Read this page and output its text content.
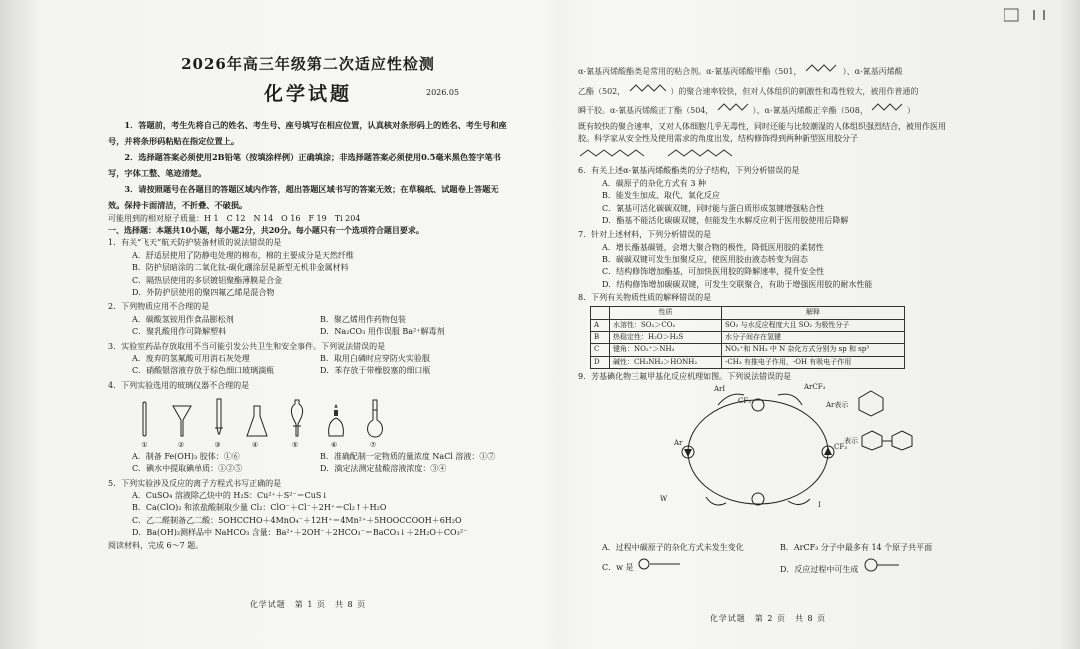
2026年高三年级第二次适应性检测
化学试题	2026.05

1．答题前，考生先将自己的姓名、考生号、座号填写在相应位置，认真核对条形码上的姓名、考生号和座号，并将条形码粘贴在指定位置上。

2．选择题答案必须使用2B铅笔（按填涂样例）正确填涂；非选择题答案必须使用0.5毫米黑色签字笔书写，字体工整、笔迹清楚。

3．请按照题号在各题目的答题区域内作答，超出答题区域书写的答案无效；在草稿纸、试题卷上答题无效。保持卡面清洁，不折叠、不破损。

可能用到的相对原子质量：H 1　C 12　N 14　O 16　F 19　Ti 204

一、选择题：本题共10小题，每小题2分，共20分。每小题只有一个选项符合题目要求。

1．有关“飞天”航天防护装备材质的说法错误的是

A．舒适层使用了防静电处理的棉布，棉的主要成分是天然纤维

B．防护层暗涂的二氧化钛-碳化硼涂层是新型无机非金属材料

C．隔热层使用的多层镀铝聚酯薄膜是合金

D．外防护层使用的聚四氟乙烯是混合物

2．下列物质应用不合理的是

A．碳酸氢铵用作食品膨松剂	B．聚乙烯用作药物包装
C．聚乳酸用作可降解塑料	D．Na₂CO₃ 用作误服 Ba²⁺解毒剂

3．实验室药品存放取用不当可能引发公共卫生和安全事件。下列说法错误的是

A．废弃的氢氟酸可用消石灰处理	B．取用白磷时应穿防火实验服
C．硝酸银溶液存放于棕色细口玻璃滴瓶	D．苯存放于带橡胶塞的细口瓶

4．下列实验选用的玻璃仪器不合理的是

①	②	③	④	⑤	⑥	⑦
A．制备 Fe(OH)₃ 胶体：①⑥	B．准确配制一定物质的量浓度 NaCl 溶液：①⑦
C．碘水中提取碘单质：①②⑤	D．滴定法测定盐酸溶液浓度：③④

5．下列实验涉及反应的离子方程式书写正确的是

A．CuSO₄ 溶液除乙炔中的 H₂S：Cu²⁺＋S²⁻＝CuS↓

B．Ca(ClO)₂ 和浓盐酸制取少量 Cl₂：ClO⁻＋Cl⁻＋2H⁺＝Cl₂↑＋H₂O

C．乙二醛制备乙二酸：5OHCCHO＋4MnO₄⁻＋12H⁺＝4Mn²⁺＋5HOOCCOOH＋6H₂O

D．Ba(OH)₂测样品中 NaHCO₃ 含量：Ba²⁺＋2OH⁻＋2HCO₃⁻＝BaCO₃↓＋2H₂O＋CO₃²⁻

阅读材料，完成 6～7 题。

化学试题　第 1 页　共 8 页

α-氰基丙烯酸酯类是常用的粘合剂。α-氰基丙烯酸甲酯（501，	）、α-氰基丙烯酸

乙酯（502，	）的聚合速率较快，但对人体组织的刺激性和毒性较大，被用作普通的

瞬干胶。α-氰基丙烯酸正丁酯（504，	）、α-氰基丙烯酸正辛酯（508，	）

既有较快的聚合速率，又对人体细胞几乎无毒性，同时还能与比较潮湿的人体组织强烈结合，被用作医用胶。科学家从安全性及使用需求的角度出发，结构修饰得到两种新型医用胶分子

6．有关上述α-氰基丙烯酸酯类的分子结构，下列分析错误的是

A．碳原子的杂化方式有 3 种

B．能发生加成、取代、氧化反应

C．氰基可活化碳碳双键，同时能与蛋白质形成氢键增强粘合性

D．酯基不能活化碳碳双键，但能发生水解反应利于医用胶使用后降解

7．针对上述材料，下列分析错误的是

A．增长酯基碳链，会增大聚合物的极性，降低医用胶的柔韧性

B．碳碳双键可发生加聚反应，使医用胶由液态转变为固态

C．结构修饰增加酯基，可加快医用胶的降解速率，提升安全性

D．结构修饰增加碳碳双键，可发生交联聚合，有助于增强医用胶的耐水性能

8．下列有关物质性质的解释错误的是

	性质	解释
A	水溶性：SO₂＞CO₂	SO₂ 与水反应程度大且 SO₂ 为极性分子
B	热稳定性：H₂O＞H₂S	水分子间存在氢键
C	键角：NO₂⁺＞NH₃	NO₂⁺和 NH₃ 中 N 杂化方式分别为 sp 和 sp³
D	碱性：CH₃NH₂＞HONH₂	-CH₃ 有推电子作用，-OH 有吸电子作用

9．芳基碘化物三氟甲基化反应机理如图。下列说法错误的是

ArI	ArCF₃
CF₃
Ar	CF₃
W
I
Ar表示
表示
A．过程中碳原子的杂化方式未发生变化	B．ArCF₃ 分子中最多有 14 个原子共平面
C．w 是	D．反应过程中可生成
化学试题　第 2 页　共 8 页
